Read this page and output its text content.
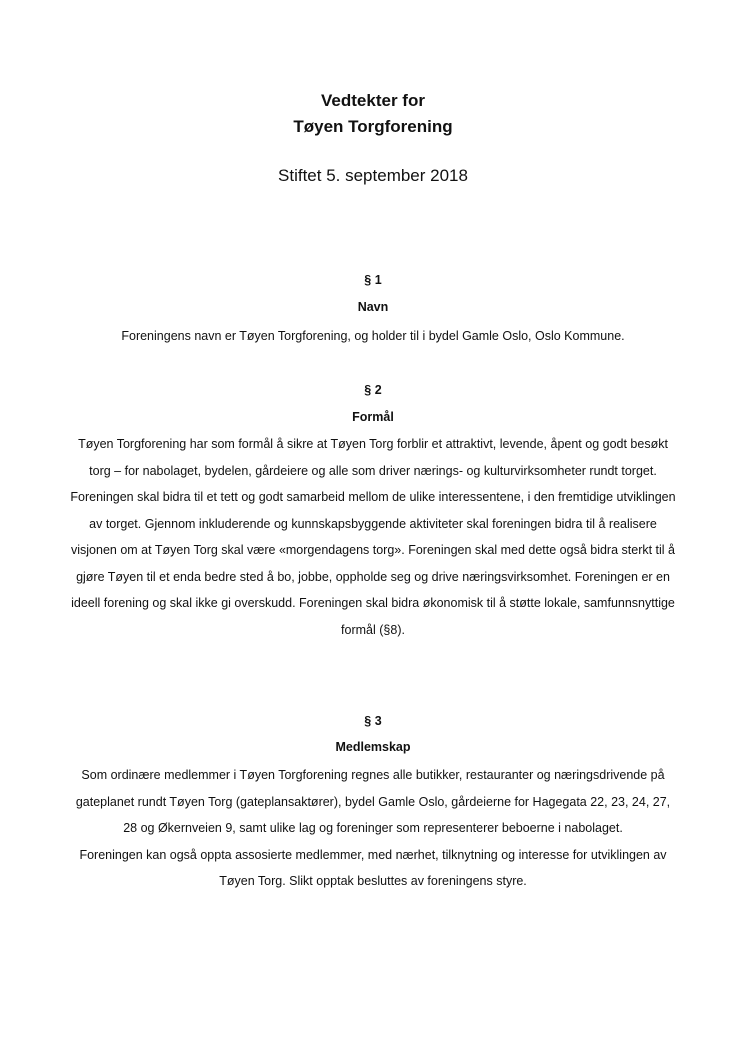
Vedtekter for
Tøyen Torgforening
Stiftet 5. september 2018
§ 1
Navn

Foreningens navn er Tøyen Torgforening, og holder til i bydel Gamle Oslo, Oslo Kommune.

§ 2
Formål

Tøyen Torgforening har som formål å sikre at Tøyen Torg forblir et attraktivt, levende, åpent og godt besøkt torg – for nabolaget, bydelen, gårdeiere og alle som driver nærings- og kulturvirksomheter rundt torget. Foreningen skal bidra til et tett og godt samarbeid mellom de ulike interessentene, i den fremtidige utviklingen av torget. Gjennom inkluderende og kunnskapsbyggende aktiviteter skal foreningen bidra til å realisere visjonen om at Tøyen Torg skal være «morgendagens torg». Foreningen skal med dette også bidra sterkt til å gjøre Tøyen til et enda bedre sted å bo, jobbe, oppholde seg og drive næringsvirksomhet. Foreningen er en ideell forening og skal ikke gi overskudd. Foreningen skal bidra økonomisk til å støtte lokale, samfunnsnyttige formål (§8).

§ 3
Medlemskap

Som ordinære medlemmer i Tøyen Torgforening regnes alle butikker, restauranter og næringsdrivende på gateplanet rundt Tøyen Torg (gateplansaktører), bydel Gamle Oslo, gårdeierne for Hagegata 22, 23, 24, 27, 28 og Økernveien 9, samt ulike lag og foreninger som representerer beboerne i nabolaget.

Foreningen kan også oppta assosierte medlemmer, med nærhet, tilknytning og interesse for utviklingen av Tøyen Torg. Slikt opptak besluttes av foreningens styre.
